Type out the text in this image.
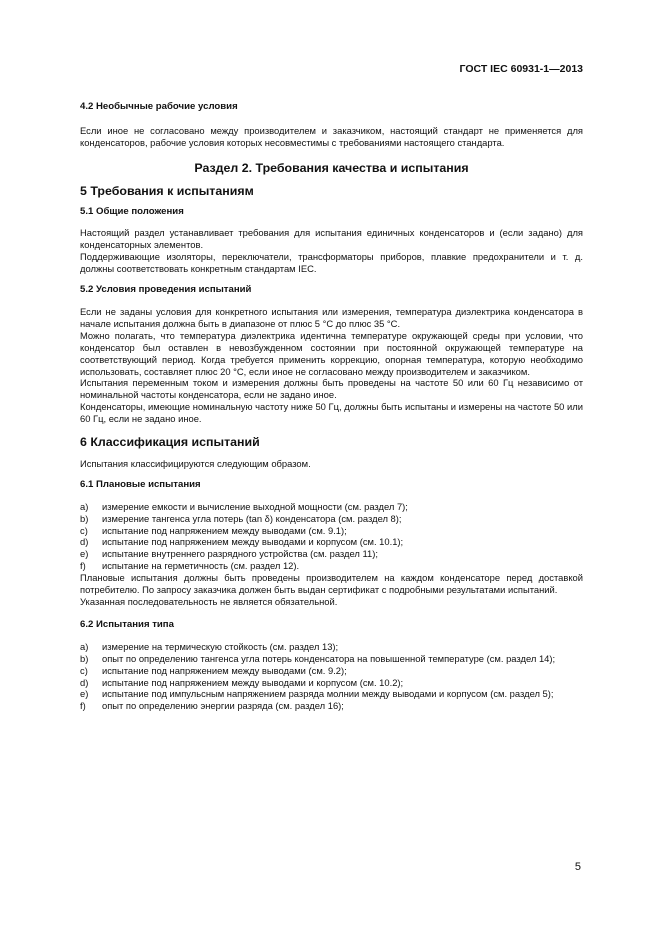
ГОСТ IEC 60931-1—2013
4.2 Необычные рабочие условия

Если иное не согласовано между производителем и заказчиком, настоящий стандарт не применяется для конденсаторов, рабочие условия которых несовместимы с требованиями настоящего стандарта.

Раздел 2. Требования качества и испытания
5 Требования к испытаниям
5.1 Общие положения

Настоящий раздел устанавливает требования для испытания единичных конденсаторов и (если задано) для конденсаторных элементов.

Поддерживающие изоляторы, переключатели, трансформаторы приборов, плавкие предохранители и т. д. должны соответствовать конкретным стандартам IEC.

5.2 Условия проведения испытаний

Если не заданы условия для конкретного испытания или измерения, температура диэлектрика конденсатора в начале испытания должна быть в диапазоне от плюс 5 °С до плюс 35 °С.

Можно полагать, что температура диэлектрика идентична температуре окружающей среды при условии, что конденсатор был оставлен в невозбужденном состоянии при постоянной окружающей температуре на соответствующий период. Когда требуется применить коррекцию, опорная температура, которую необходимо использовать, составляет плюс 20 °С, если иное не согласовано между производителем и заказчиком.

Испытания переменным током и измерения должны быть проведены на частоте 50 или 60 Гц независимо от номинальной частоты конденсатора, если не задано иное.

Конденсаторы, имеющие номинальную частоту ниже 50 Гц, должны быть испытаны и измерены на частоте 50 или 60 Гц, если не задано иное.

6 Классификация испытаний

Испытания классифицируются следующим образом.

6.1 Плановые испытания
a)	измерение емкости и вычисление выходной мощности (см. раздел 7);
b)	измерение тангенса угла потерь (tan δ) конденсатора (см. раздел 8);
c)	испытание под напряжением между выводами (см. 9.1);
d)	испытание под напряжением между выводами и корпусом (см. 10.1);
e)	испытание внутреннего разрядного устройства (см. раздел 11);
f)	испытание на герметичность (см. раздел 12).

Плановые испытания должны быть проведены производителем на каждом конденсаторе перед доставкой потребителю. По запросу заказчика должен быть выдан сертификат с подробными результатами испытаний.

Указанная последовательность не является обязательной.

6.2 Испытания типа
a)	измерение на термическую стойкость (см. раздел 13);
b)	опыт по определению тангенса угла потерь конденсатора на повышенной температуре (см. раздел 14);
c)	испытание под напряжением между выводами (см. 9.2);
d)	испытание под напряжением между выводами и корпусом (см. 10.2);
e)	испытание под импульсным напряжением разряда молнии между выводами и корпусом (см. раздел 5);
f)	опыт по определению энергии разряда (см. раздел 16);
5
